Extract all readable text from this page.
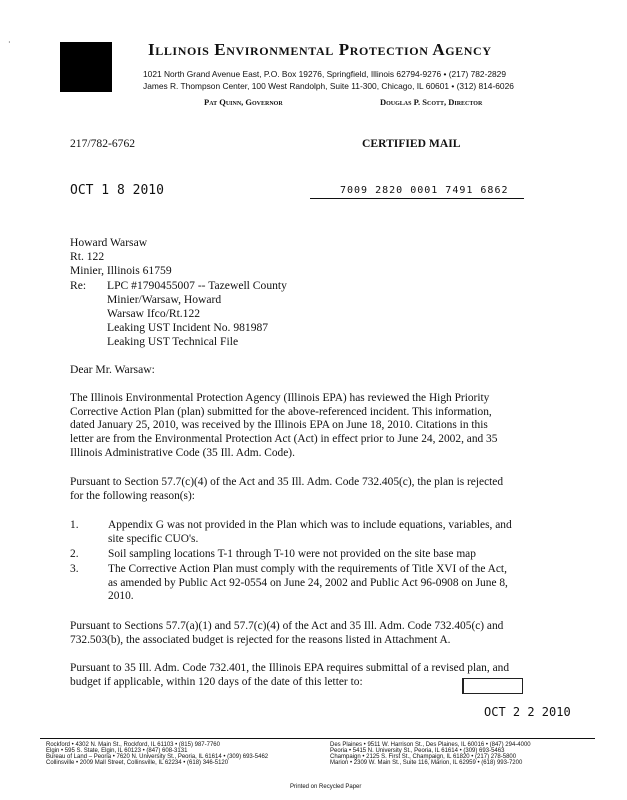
·	Illinois Environmental Protection Agency
1021 North Grand Avenue East, P.O. Box 19276, Springfield, Illinois 62794-9276 • (217) 782-2829
James R. Thompson Center, 100 West Randolph, Suite 11-300, Chicago, IL 60601 • (312) 814-6026
Pat Quinn, Governor	Douglas P. Scott, Director
217/782-6762	CERTIFIED MAIL
OCT 1 8 2010	7009 2820 0001 7491 6862
Howard Warsaw
Rt. 122
Minier, Illinois 61759
Re: LPC #1790455007 -- Tazewell County
Minier/Warsaw, Howard
Warsaw Ifco/Rt.122
Leaking UST Incident No. 981987
Leaking UST Technical File
Dear Mr. Warsaw:
The Illinois Environmental Protection Agency (Illinois EPA) has reviewed the High Priority
Corrective Action Plan (plan) submitted for the above-referenced incident. This information,
dated January 25, 2010, was received by the Illinois EPA on June 18, 2010. Citations in this
letter are from the Environmental Protection Act (Act) in effect prior to June 24, 2002, and 35
Illinois Administrative Code (35 Ill. Adm. Code).
Pursuant to Section 57.7(c)(4) of the Act and 35 Ill. Adm. Code 732.405(c), the plan is rejected
for the following reason(s):
1.	Appendix G was not provided in the Plan which was to include equations, variables, and
site specific CUO's.
2.	Soil sampling locations T-1 through T-10 were not provided on the site base map
3.	The Corrective Action Plan must comply with the requirements of Title XVI of the Act,
as amended by Public Act 92-0554 on June 24, 2002 and Public Act 96-0908 on June 8,
2010.
Pursuant to Sections 57.7(a)(1) and 57.7(c)(4) of the Act and 35 Ill. Adm. Code 732.405(c) and
732.503(b), the associated budget is rejected for the reasons listed in Attachment A.
Pursuant to 35 Ill. Adm. Code 732.401, the Illinois EPA requires submittal of a revised plan, and
budget if applicable, within 120 days of the date of this letter to:
OCT 2 2 2010
Rockford • 4302 N. Main St., Rockford, IL 61103 • (815) 987-7760
Elgin • 595 S. State, Elgin, IL 60123 • (847) 608-3131
Bureau of Land – Peoria • 7620 N. University St., Peoria, IL 61614 • (309) 693-5462
Collinsville • 2009 Mall Street, Collinsville, IL 62234 • (618) 346-5120
Des Plaines • 9511 W. Harrison St., Des Plaines, IL 60016 • (847) 294-4000
Peoria • 5415 N. University St., Peoria, IL 61614 • (309) 693-5463
Champaign • 2125 S. First St., Champaign, IL 61820 • (217) 278-5800
Marion • 2309 W. Main St., Suite 116, Marion, IL 62959 • (618) 993-7200
Printed on Recycled Paper
